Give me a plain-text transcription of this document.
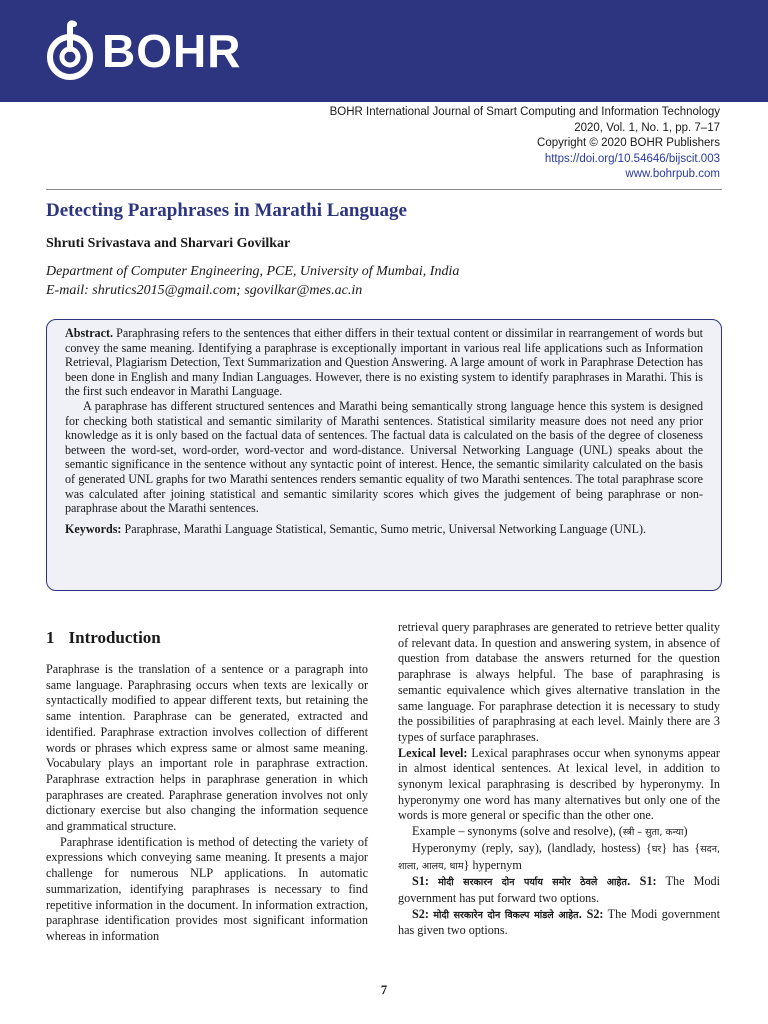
BOHR
BOHR International Journal of Smart Computing and Information Technology
2020, Vol. 1, No. 1, pp. 7–17
Copyright © 2020 BOHR Publishers
https://doi.org/10.54646/bijscit.003
www.bohrpub.com
Detecting Paraphrases in Marathi Language
Shruti Srivastava and Sharvari Govilkar
Department of Computer Engineering, PCE, University of Mumbai, India
E-mail: shrutics2015@gmail.com; sgovilkar@mes.ac.in

Abstract. Paraphrasing refers to the sentences that either differs in their textual content or dissimilar in rearrangement of words but convey the same meaning. Identifying a paraphrase is exceptionally important in various real life applications such as Information Retrieval, Plagiarism Detection, Text Summarization and Question Answering. A large amount of work in Paraphrase Detection has been done in English and many Indian Languages. However, there is no existing system to identify paraphrases in Marathi. This is the first such endeavor in Marathi Language.

A paraphrase has different structured sentences and Marathi being semantically strong language hence this system is designed for checking both statistical and semantic similarity of Marathi sentences. Statistical similarity measure does not need any prior knowledge as it is only based on the factual data of sentences. The factual data is calculated on the basis of the degree of closeness between the word-set, word-order, word-vector and word-distance. Universal Networking Language (UNL) speaks about the semantic significance in the sentence without any syntactic point of interest. Hence, the semantic similarity calculated on the basis of generated UNL graphs for two Marathi sentences renders semantic equality of two Marathi sentences. The total paraphrase score was calculated after joining statistical and semantic similarity scores which gives the judgement of being paraphrase or non-paraphrase about the Marathi sentences.

Keywords: Paraphrase, Marathi Language Statistical, Semantic, Sumo metric, Universal Networking Language (UNL).

1 Introduction

Paraphrase is the translation of a sentence or a paragraph into same language. Paraphrasing occurs when texts are lexically or syntactically modified to appear different texts, but retaining the same intention. Paraphrase can be generated, extracted and identified. Paraphrase extraction involves collection of different words or phrases which express same or almost same meaning. Vocabulary plays an important role in paraphrase extraction. Paraphrase extraction helps in paraphrase generation in which paraphrases are created. Paraphrase generation involves not only dictionary exercise but also changing the information sequence and grammatical structure.

Paraphrase identification is method of detecting the variety of expressions which conveying same meaning. It presents a major challenge for numerous NLP applications. In automatic summarization, identifying paraphrases is necessary to find repetitive information in the document. In information extraction, paraphrase identification provides most significant information whereas in information

retrieval query paraphrases are generated to retrieve better quality of relevant data. In question and answering system, in absence of question from database the answers returned for the question paraphrase is always helpful. The base of paraphrasing is semantic equivalence which gives alternative translation in the same language. For paraphrase detection it is necessary to study the possibilities of paraphrasing at each level. Mainly there are 3 types of surface paraphrases.

Lexical level: Lexical paraphrases occur when synonyms appear in almost identical sentences. At lexical level, in addition to synonym lexical paraphrasing is described by hyperonymy. In hyperonymy one word has many alternatives but only one of the words is more general or specific than the other one.

Example – synonyms (solve and resolve), (स्त्री – सुता, कन्या)

Hyperonymy (reply, say), (landlady, hostess) {घर} has {सदन, शाला, आलय, धाम} hypernym

S1: मोदी सरकारन दोन पर्याय समोर ठेवले आहेत. S1: The Modi government has put forward two options.

S2: मोदी सरकारेन दोन विकल्प मांडले आहेत. S2: The Modi government has given two options.

7
